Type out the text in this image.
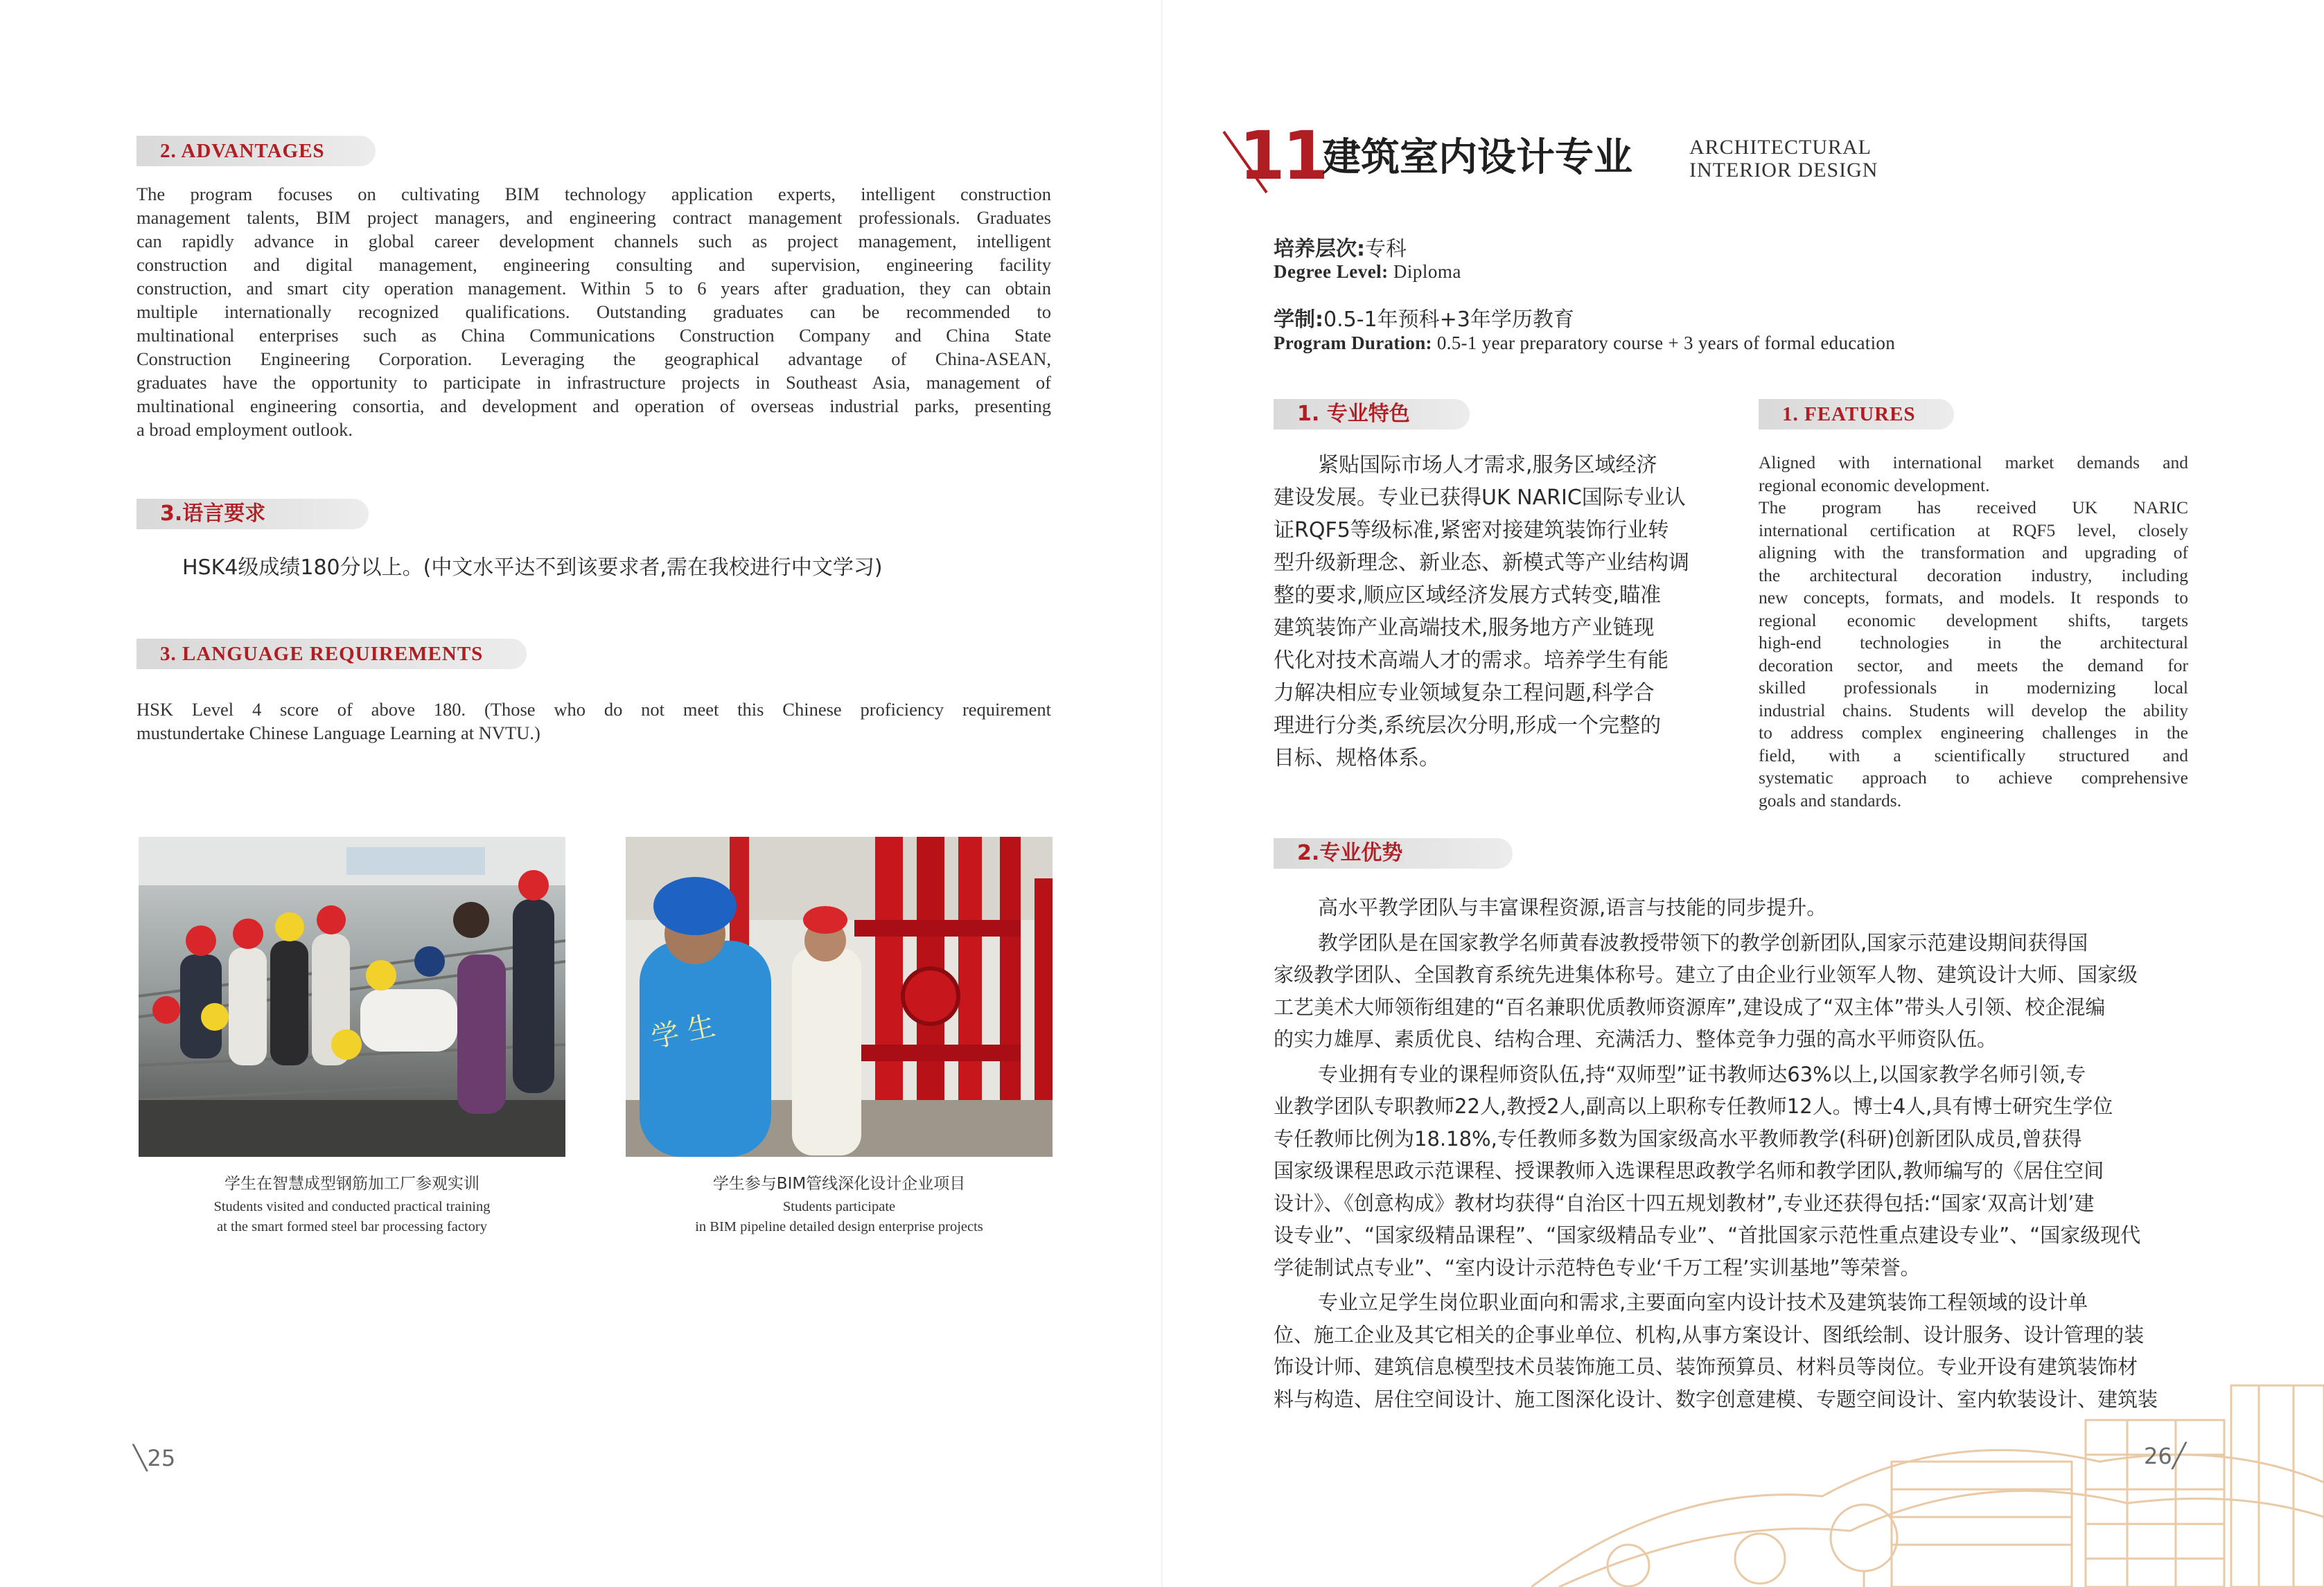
2. ADVANTAGES
The program focuses on cultivating BIM technology application experts, intelligent construction
management talents, BIM project managers, and engineering contract management professionals. Graduates
can rapidly advance in global career development channels such as project management, intelligent
construction and digital management, engineering consulting and supervision, engineering facility
construction, and smart city operation management. Within 5 to 6 years after graduation, they can obtain
multiple internationally recognized qualifications. Outstanding graduates can be recommended to
multinational enterprises such as China Communications Construction Company and China State
Construction Engineering Corporation. Leveraging the geographical advantage of China-ASEAN,
graduates have the opportunity to participate in infrastructure projects in Southeast Asia, management of
multinational engineering consortia, and development and operation of overseas industrial parks, presenting
a broad employment outlook.
3.语言要求
HSK4级成绩180分以上。(中文水平达不到该要求者,需在我校进行中文学习)
3. LANGUAGE REQUIREMENTS
HSK Level 4 score of above 180. (Those who do not meet this Chinese proficiency requirement
mustundertake Chinese Language Learning at NVTU.)
学生在智慧成型钢筋加工厂参观实训
Students visited and conducted practical training
at the smart formed steel bar processing factory
学 生
学生参与BIM管线深化设计企业项目
Students participate
in BIM pipeline detailed design enterprise projects
╲25
11
建筑室内设计专业	ARCHITECTURAL
INTERIOR DESIGN
培养层次:专科
Degree Level: Diploma
学制:0.5-1年预科+3年学历教育
Program Duration: 0.5-1 year preparatory course + 3 years of formal education
1. 专业特色	1. FEATURES
紧贴国际市场人才需求,服务区域经济
建设发展。专业已获得UK NARIC国际专业认
证RQF5等级标准,紧密对接建筑装饰行业转
型升级新理念、新业态、新模式等产业结构调
整的要求,顺应区域经济发展方式转变,瞄准
建筑装饰产业高端技术,服务地方产业链现
代化对技术高端人才的需求。培养学生有能
力解决相应专业领域复杂工程问题,科学合
理进行分类,系统层次分明,形成一个完整的
目标、规格体系。
Aligned with international market demands and
regional economic development.
The program has received UK NARIC
international certification at RQF5 level, closely
aligning with the transformation and upgrading of
the architectural decoration industry, including
new concepts, formats, and models. It responds to
regional economic development shifts, targets
high-end technologies in the architectural
decoration sector, and meets the demand for
skilled professionals in modernizing local
industrial chains. Students will develop the ability
to address complex engineering challenges in the
field, with a scientifically structured and
systematic approach to achieve comprehensive
goals and standards.
2.专业优势
高水平教学团队与丰富课程资源,语言与技能的同步提升。
教学团队是在国家教学名师黄春波教授带领下的教学创新团队,国家示范建设期间获得国
家级教学团队、全国教育系统先进集体称号。建立了由企业行业领军人物、建筑设计大师、国家级
工艺美术大师领衔组建的“百名兼职优质教师资源库”,建设成了“双主体”带头人引领、校企混编
的实力雄厚、素质优良、结构合理、充满活力、整体竞争力强的高水平师资队伍。
专业拥有专业的课程师资队伍,持“双师型”证书教师达63%以上,以国家教学名师引领,专
业教学团队专职教师22人,教授2人,副高以上职称专任教师12人。博士4人,具有博士研究生学位
专任教师比例为18.18%,专任教师多数为国家级高水平教师教学(科研)创新团队成员,曾获得
国家级课程思政示范课程、授课教师入选课程思政教学名师和教学团队,教师编写的《居住空间
设计》、《创意构成》教材均获得“自治区十四五规划教材”,专业还获得包括:“国家‘双高计划’建
设专业”、“国家级精品课程”、“国家级精品专业”、“首批国家示范性重点建设专业”、“国家级现代
学徒制试点专业”、“室内设计示范特色专业‘千万工程’实训基地”等荣誉。
专业立足学生岗位职业面向和需求,主要面向室内设计技术及建筑装饰工程领域的设计单
位、施工企业及其它相关的企事业单位、机构,从事方案设计、图纸绘制、设计服务、设计管理的装
饰设计师、建筑信息模型技术员装饰施工员、装饰预算员、材料员等岗位。专业开设有建筑装饰材
料与构造、居住空间设计、施工图深化设计、数字创意建模、专题空间设计、室内软装设计、建筑装
26╱
